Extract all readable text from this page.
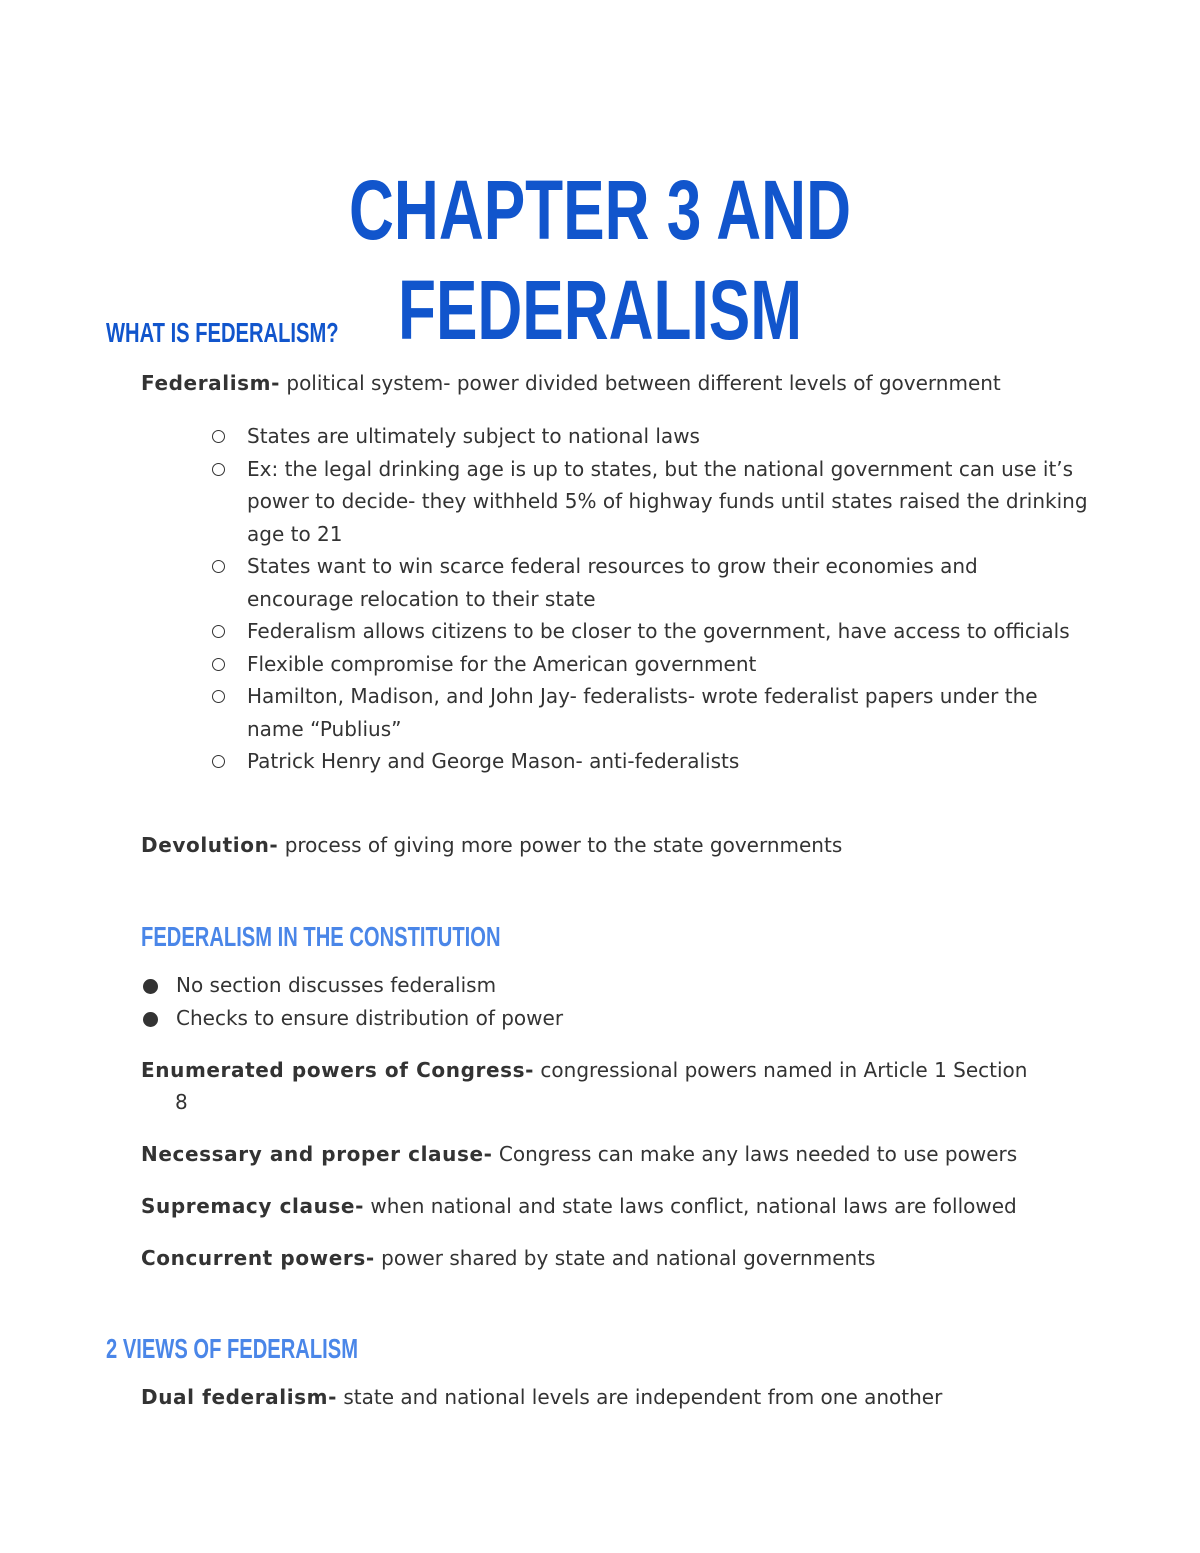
CHAPTER 3 AND FEDERALISM
WHAT IS FEDERALISM?

Federalism- political system- power divided between different levels of government

States are ultimately subject to national laws
Ex: the legal drinking age is up to states, but the national government can use it’s power to decide- they withheld 5% of highway funds until states raised the drinking age to 21
States want to win scarce federal resources to grow their economies and encourage relocation to their state
Federalism allows citizens to be closer to the government, have access to officials
Flexible compromise for the American government
Hamilton, Madison, and John Jay- federalists- wrote federalist papers under the name “Publius”
Patrick Henry and George Mason- anti-federalists

Devolution- process of giving more power to the state governments

FEDERALISM IN THE CONSTITUTION
No section discusses federalism
Checks to ensure distribution of power

Enumerated powers of Congress- congressional powers named in Article 1 Section
8

Necessary and proper clause- Congress can make any laws needed to use powers

Supremacy clause- when national and state laws conflict, national laws are followed

Concurrent powers- power shared by state and national governments

2 VIEWS OF FEDERALISM

Dual federalism- state and national levels are independent from one another
